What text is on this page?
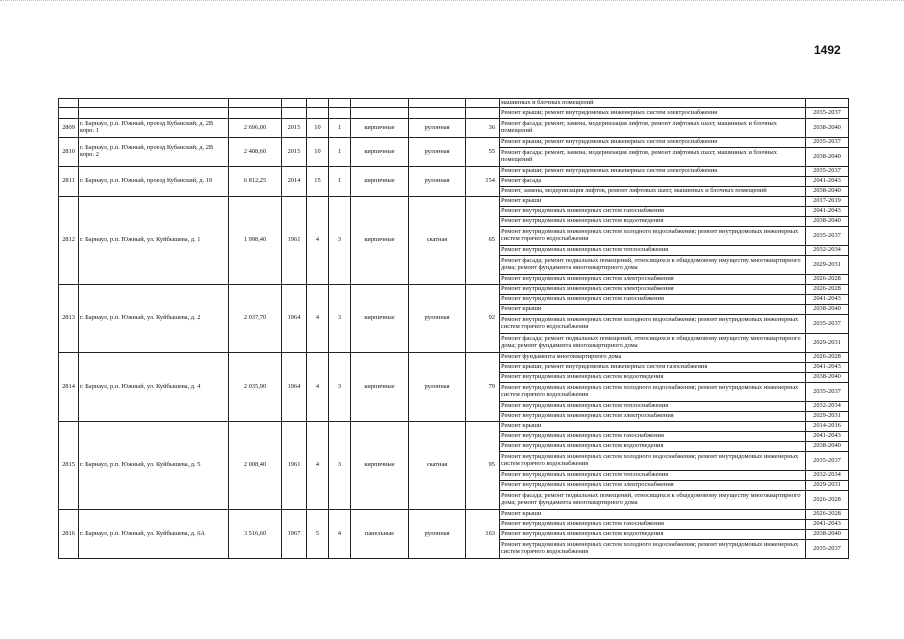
1492
									машинных и блочных помещений	
									Ремонт крыши; ремонт внутридомовых инженерных систем электроснабжения	2035-2037
2809	г. Барнаул, р.п. Южный, проезд Кубанский, д. 2В корп. 1	2 696,00	2015	10	1	кирпичные	рулонная	36	Ремонт фасада; ремонт, замена, модернизация лифтов, ремонт лифтовых шахт, машинных и блочных помещений	2038-2040
2810	г. Барнаул, р.п. Южный, проезд Кубанский, д. 2В корп. 2	2 408,60	2015	10	1	кирпичные	рулонная	55	Ремонт крыши; ремонт внутридомовых инженерных систем электроснабжения	2035-2037
									Ремонт фасада; ремонт, замена, модернизация лифтов, ремонт лифтовых шахт, машинных и блочных помещений	2038-2040
2811	г. Барнаул, р.п. Южный, проезд Кубанский, д. 19	6 812,25	2014	15	1	кирпичные	рулонная	154	Ремонт крыши; ремонт внутридомовых инженерных систем электроснабжения	2035-2037
									Ремонт фасада	2041-2043
									Ремонт, замена, модернизация лифтов, ремонт лифтовых шахт, машинных и блочных помещений	2038-2040
2812	г. Барнаул, р.п. Южный, ул. Куйбышева, д. 1	1 998,40	1961	4	3	кирпичные	скатная	65	Ремонт крыши	2017-2019
									Ремонт внутридомовых инженерных систем газоснабжения	2041-2043
									Ремонт внутридомовых инженерных систем водоотведения	2038-2040
									Ремонт внутридомовых инженерных систем холодного водоснабжения; ремонт внутридомовых инженерных систем горячего водоснабжения	2035-2037
									Ремонт внутридомовых инженерных систем теплоснабжения	2032-2034
									Ремонт фасада; ремонт подвальных помещений, относящихся к общедомовому имуществу многоквартирного дома; ремонт фундамента многоквартирного дома	2029-2031
									Ремонт внутридомовых инженерных систем электроснабжения	2026-2028
2813	г. Барнаул, р.п. Южный, ул. Куйбышева, д. 2	2 037,70	1964	4	3	кирпичные	рулонная	92	Ремонт внутридомовых инженерных систем электроснабжения	2026-2028
									Ремонт внутридомовых инженерных систем газоснабжения	2041-2043
									Ремонт крыши	2038-2040
									Ремонт внутридомовых инженерных систем холодного водоснабжения; ремонт внутридомовых инженерных систем горячего водоснабжения	2035-2037
									Ремонт фасада; ремонт подвальных помещений, относящихся к общедомовому имуществу многоквартирного дома; ремонт фундамента многоквартирного дома	2029-2031
2814	г. Барнаул, р.п. Южный, ул. Куйбышева, д. 4	2 035,90	1964	4	3	кирпичные	рулонная	79	Ремонт фундамента многоквартирного дома	2026-2028
									Ремонт крыши; ремонт внутридомовых инженерных систем газоснабжения	2041-2043
									Ремонт внутридомовых инженерных систем водоотведения	2038-2040
									Ремонт внутридомовых инженерных систем холодного водоснабжения; ремонт внутридомовых инженерных систем горячего водоснабжения	2035-2037
									Ремонт внутридомовых инженерных систем теплоснабжения	2032-2034
									Ремонт внутридомовых инженерных систем электроснабжения	2029-2031
2815	г. Барнаул, р.п. Южный, ул. Куйбышева, д. 5	2 008,40	1961	4	3	кирпичные	скатная	95	Ремонт крыши	2014-2016
									Ремонт внутридомовых инженерных систем газоснабжения	2041-2043
									Ремонт внутридомовых инженерных систем водоотведения	2038-2040
									Ремонт внутридомовых инженерных систем холодного водоснабжения; ремонт внутридомовых инженерных систем горячего водоснабжения	2035-2037
									Ремонт внутридомовых инженерных систем теплоснабжения	2032-2034
									Ремонт внутридомовых инженерных систем электроснабжения	2029-2031
									Ремонт фасада; ремонт подвальных помещений, относящихся к общедомовому имуществу многоквартирного дома; ремонт фундамента многоквартирного дома	2026-2028
2816	г. Барнаул, р.п. Южный, ул. Куйбышева, д. 6А	3 516,60	1967	5	4	панельные	рулонная	163	Ремонт крыши	2026-2028
									Ремонт внутридомовых инженерных систем газоснабжения	2041-2043
									Ремонт внутридомовых инженерных систем водоотведения	2038-2040
									Ремонт внутридомовых инженерных систем холодного водоснабжения; ремонт внутридомовых инженерных систем горячего водоснабжения	2035-2037
